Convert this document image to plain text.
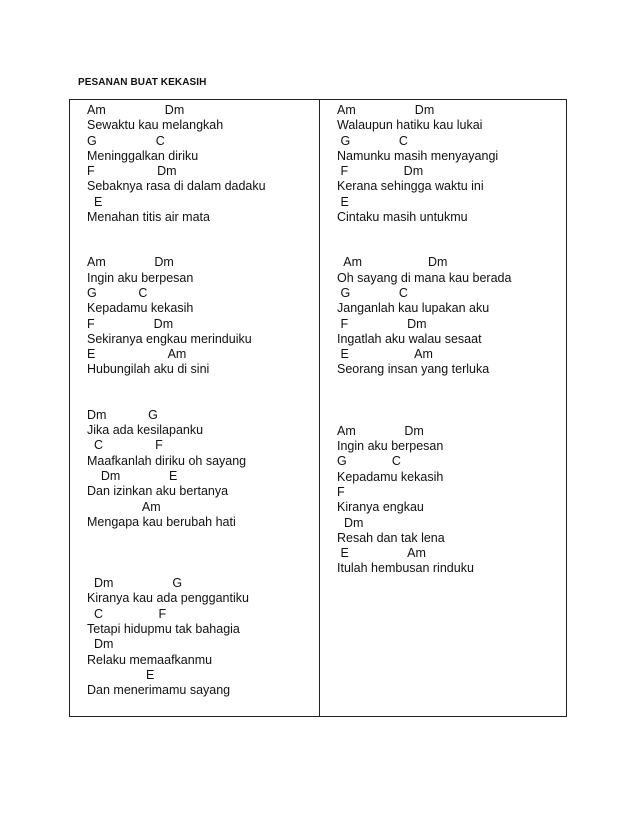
PESANAN BUAT KEKASIH
Am                 Dm
Sewaktu kau melangkah
G                 C
Meninggalkan diriku
F                  Dm
Sebaknya rasa di dalam dadaku
E
Menahan titis air mata
Am              Dm
Ingin aku berpesan
G            C
Kepadamu kekasih
F                 Dm
Sekiranya engkau merinduiku
E                     Am
Hubungilah aku di sini
Dm            G
Jika ada kesilapanku
C               F
Maafkanlah diriku oh sayang
Dm              E
Dan izinkan aku bertanya
Am
Mengapa kau berubah hati
Dm                 G
Kiranya kau ada penggantiku
C                F
Tetapi hidupmu tak bahagia
Dm
Relaku memaafkanmu
E
Dan menerimamu sayang
Am                 Dm
Walaupun hatiku kau lukai
G              C
Namunku masih menyayangi
F                Dm
Kerana sehingga waktu ini
E
Cintaku masih untukmu
Am                   Dm
Oh sayang di mana kau berada
G              C
Janganlah kau lupakan aku
F                 Dm
Ingatlah aku walau sesaat
E                   Am
Seorang insan yang terluka
Am              Dm
Ingin aku berpesan
G             C
Kepadamu kekasih
F
Kiranya engkau
Dm
Resah dan tak lena
E                 Am
Itulah hembusan rinduku
